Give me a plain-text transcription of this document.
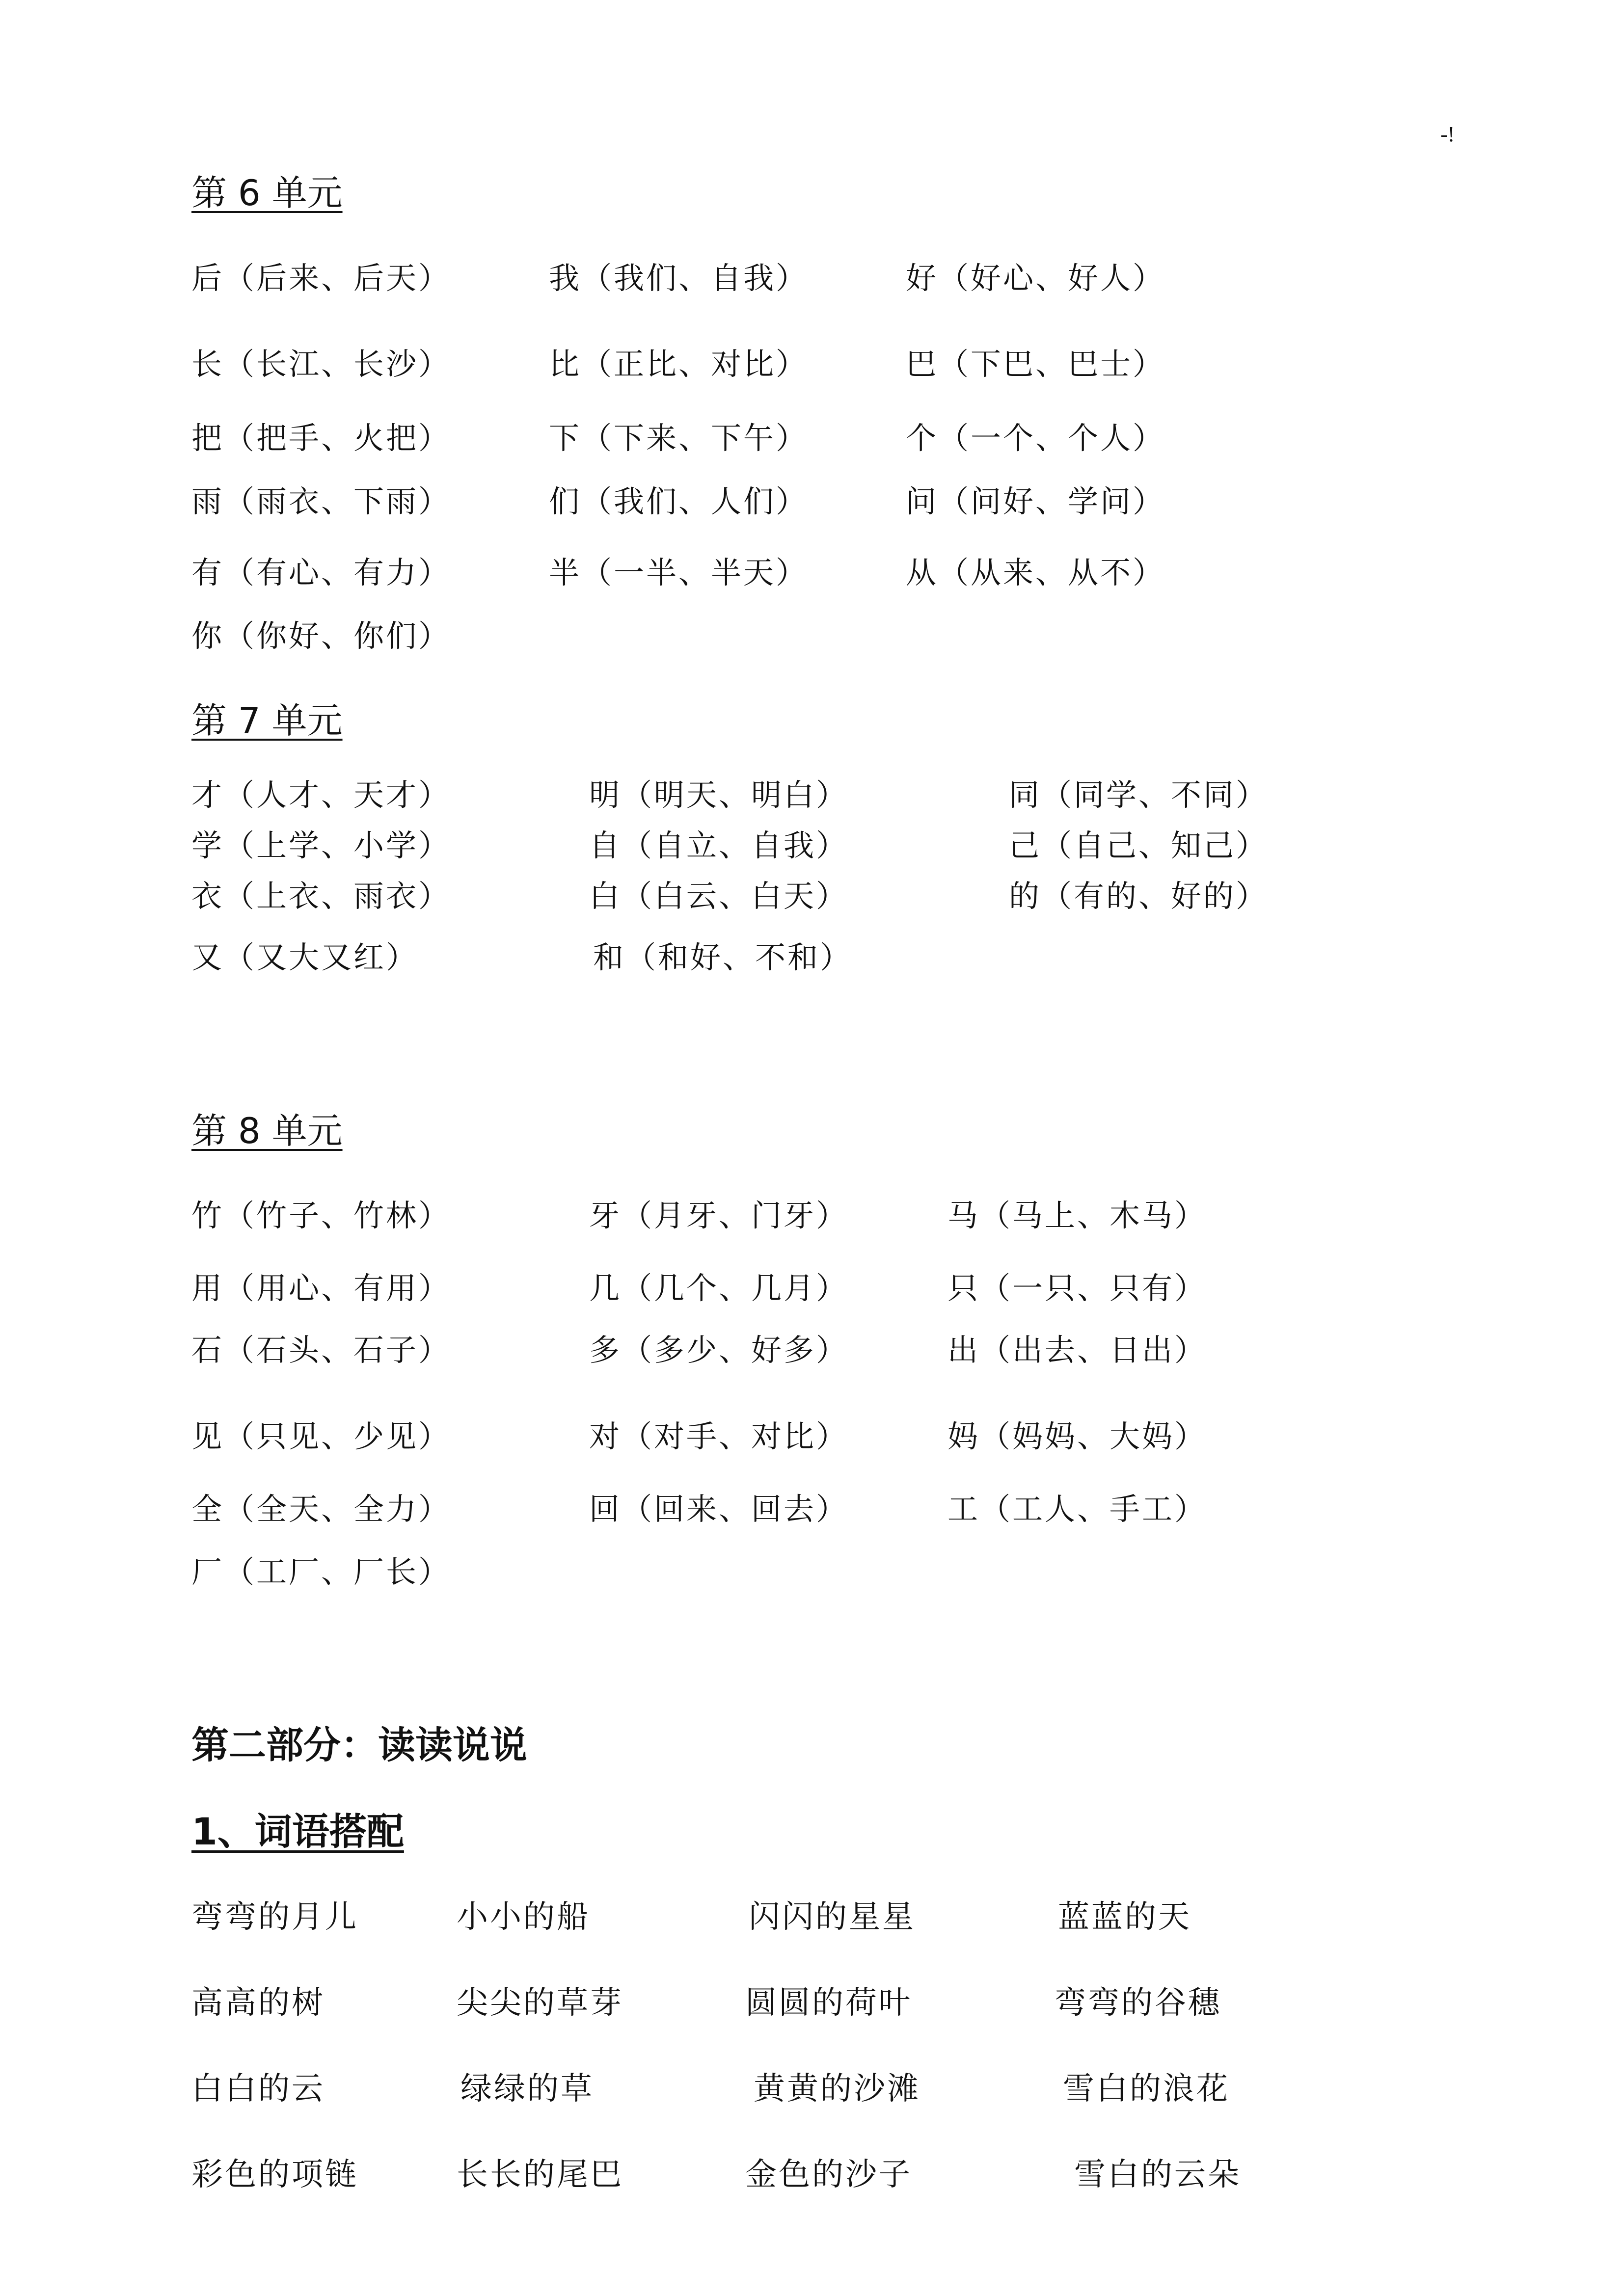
-!
第 6 单元
后（后来、后天）	我（我们、自我）	好（好心、好人）
长（长江、长沙）	比（正比、对比）	巴（下巴、巴士）
把（把手、火把）	下（下来、下午）	个（一个、个人）
雨（雨衣、下雨）	们（我们、人们）	问（问好、学问）
有（有心、有力）	半（一半、半天）	从（从来、从不）
你（你好、你们）
第 7 单元
才（人才、天才）	明（明天、明白）	同（同学、不同）
学（上学、小学）	自（自立、自我）	己（自己、知己）
衣（上衣、雨衣）	白（白云、白天）	的（有的、好的）
又（又大又红）	和（和好、不和）
第 8 单元
竹（竹子、竹林）	牙（月牙、门牙）	马（马上、木马）
用（用心、有用）	几（几个、几月）	只（一只、只有）
石（石头、石子）	多（多少、好多）	出（出去、日出）
见（只见、少见）	对（对手、对比）	妈（妈妈、大妈）
全（全天、全力）	回（回来、回去）	工（工人、手工）
厂（工厂、厂长）
第二部分：读读说说
1、词语搭配
弯弯的月儿	小小的船	闪闪的星星	蓝蓝的天
高高的树	尖尖的草芽	圆圆的荷叶	弯弯的谷穗
白白的云	绿绿的草	黄黄的沙滩	雪白的浪花
彩色的项链	长长的尾巴	金色的沙子	雪白的云朵
